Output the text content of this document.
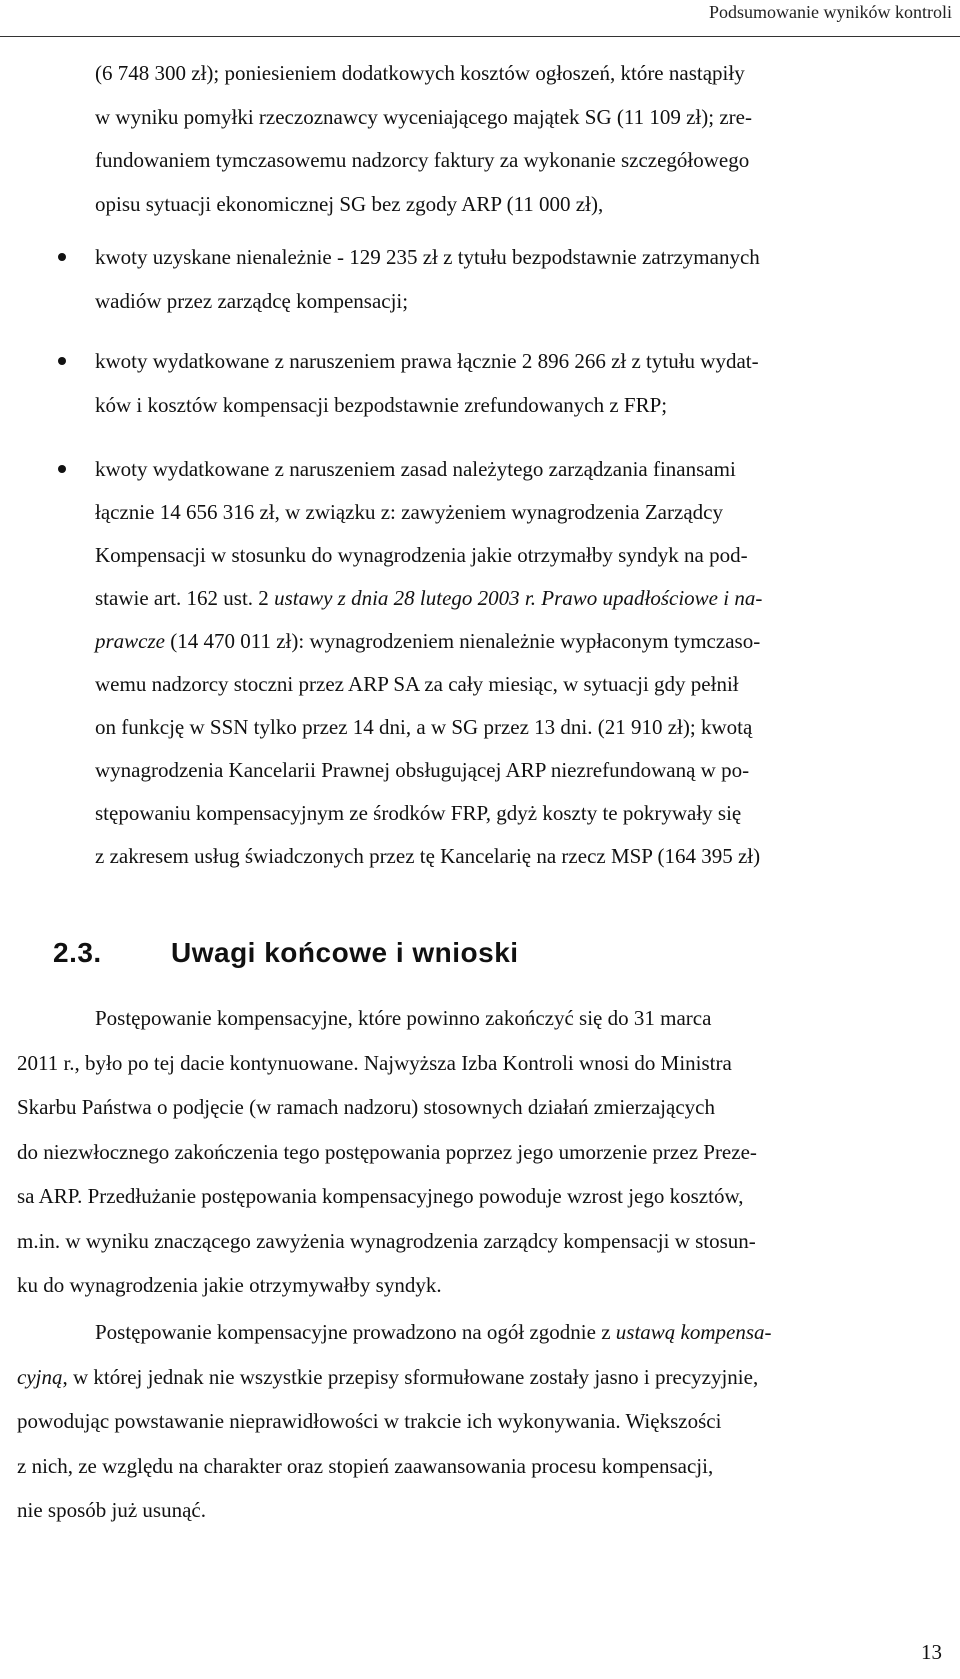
Podsumowanie wyników kontroli
(6 748 300 zł); poniesieniem dodatkowych kosztów ogłoszeń, które nastąpiły
w wyniku pomyłki rzeczoznawcy wyceniającego majątek SG (11 109 zł); zre-
fundowaniem tymczasowemu nadzorcy faktury za wykonanie szczegółowego
opisu sytuacji ekonomicznej SG bez zgody ARP (11 000 zł),
kwoty uzyskane nienależnie - 129 235 zł z tytułu bezpodstawnie zatrzymanych
wadiów przez zarządcę kompensacji;
kwoty wydatkowane z naruszeniem prawa łącznie 2 896 266 zł z tytułu wydat-
ków i kosztów kompensacji bezpodstawnie zrefundowanych z FRP;
kwoty wydatkowane z naruszeniem zasad należytego zarządzania finansami
łącznie 14 656 316 zł, w związku z: zawyżeniem wynagrodzenia Zarządcy
Kompensacji w stosunku do wynagrodzenia jakie otrzymałby syndyk na pod-
stawie art. 162 ust. 2 ustawy z dnia 28 lutego 2003 r. Prawo upadłościowe i na-
prawcze (14 470 011 zł): wynagrodzeniem nienależnie wypłaconym tymczaso-
wemu nadzorcy stoczni przez ARP SA za cały miesiąc, w sytuacji gdy pełnił
on funkcję w SSN tylko przez 14 dni, a w SG przez 13 dni. (21 910 zł); kwotą
wynagrodzenia Kancelarii Prawnej obsługującej ARP niezrefundowaną w po-
stępowaniu kompensacyjnym ze środków FRP, gdyż koszty te pokrywały się
z zakresem usług świadczonych przez tę Kancelarię na rzecz MSP (164 395 zł)
2.3. Uwagi końcowe i wnioski
Postępowanie kompensacyjne, które powinno zakończyć się do 31 marca
2011 r., było po tej dacie kontynuowane. Najwyższa Izba Kontroli wnosi do Ministra
Skarbu Państwa o podjęcie (w ramach nadzoru) stosownych działań zmierzających
do niezwłocznego zakończenia tego postępowania poprzez jego umorzenie przez Preze-
sa ARP. Przedłużanie postępowania kompensacyjnego powoduje wzrost jego kosztów,
m.in. w wyniku znaczącego zawyżenia wynagrodzenia zarządcy kompensacji w stosun-
ku do wynagrodzenia jakie otrzymywałby syndyk.
Postępowanie kompensacyjne prowadzono na ogół zgodnie z ustawą kompensa-
cyjną, w której jednak nie wszystkie przepisy sformułowane zostały jasno i precyzyjnie,
powodując powstawanie nieprawidłowości w trakcie ich wykonywania. Większości
z nich, ze względu na charakter oraz stopień zaawansowania procesu kompensacji,
nie sposób już usunąć.
13
